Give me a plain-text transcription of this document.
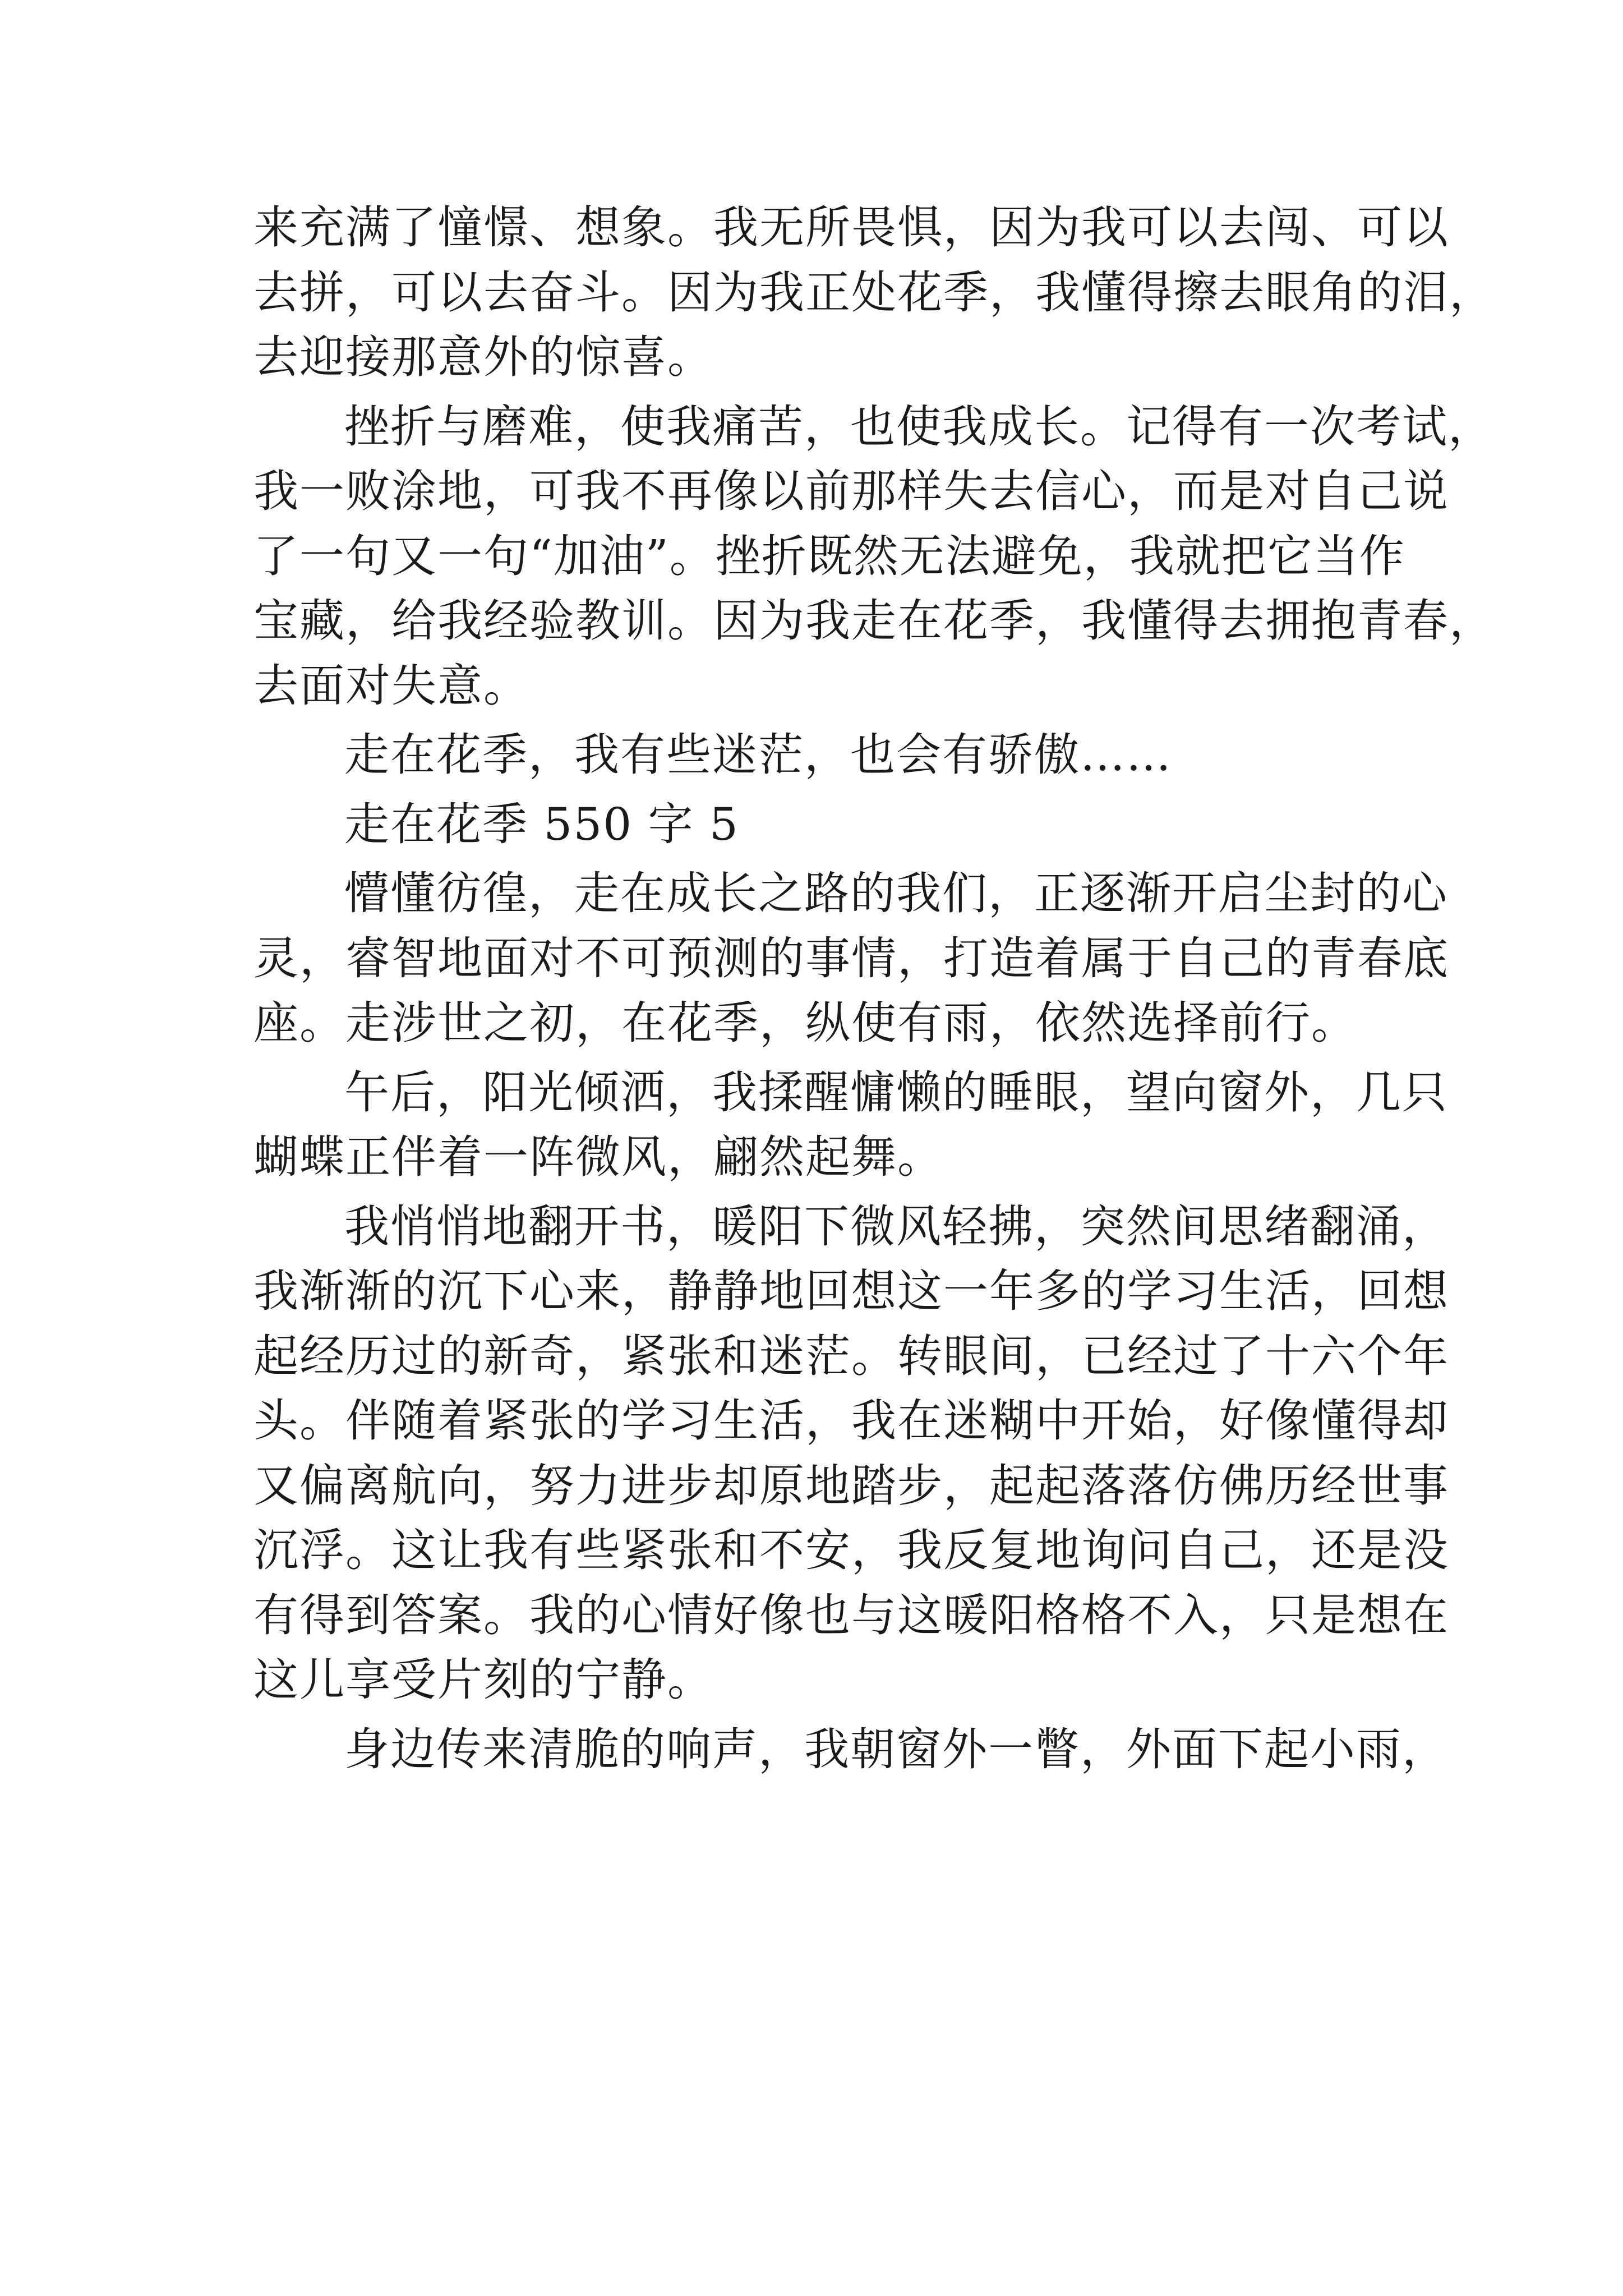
来充满了憧憬、想象。我无所畏惧，因为我可以去闯、可以
去拼，可以去奋斗。因为我正处花季，我懂得擦去眼角的泪，
去迎接那意外的惊喜。
挫折与磨难，使我痛苦，也使我成长。记得有一次考试，
我一败涂地，可我不再像以前那样失去信心，而是对自己说
了一句又一句“加油”。挫折既然无法避免，我就把它当作
宝藏，给我经验教训。因为我走在花季，我懂得去拥抱青春，
去面对失意。
走在花季，我有些迷茫，也会有骄傲……
走在花季 550 字 5
懵懂彷徨，走在成长之路的我们，正逐渐开启尘封的心
灵，睿智地面对不可预测的事情，打造着属于自己的青春底
座。走涉世之初，在花季，纵使有雨，依然选择前行。
午后，阳光倾洒，我揉醒慵懒的睡眼，望向窗外，几只
蝴蝶正伴着一阵微风，翩然起舞。
我悄悄地翻开书，暖阳下微风轻拂，突然间思绪翻涌，
我渐渐的沉下心来，静静地回想这一年多的学习生活，回想
起经历过的新奇，紧张和迷茫。转眼间，已经过了十六个年
头。伴随着紧张的学习生活，我在迷糊中开始，好像懂得却
又偏离航向，努力进步却原地踏步，起起落落仿佛历经世事
沉浮。这让我有些紧张和不安，我反复地询问自己，还是没
有得到答案。我的心情好像也与这暖阳格格不入，只是想在
这儿享受片刻的宁静。
身边传来清脆的响声，我朝窗外一瞥，外面下起小雨，
